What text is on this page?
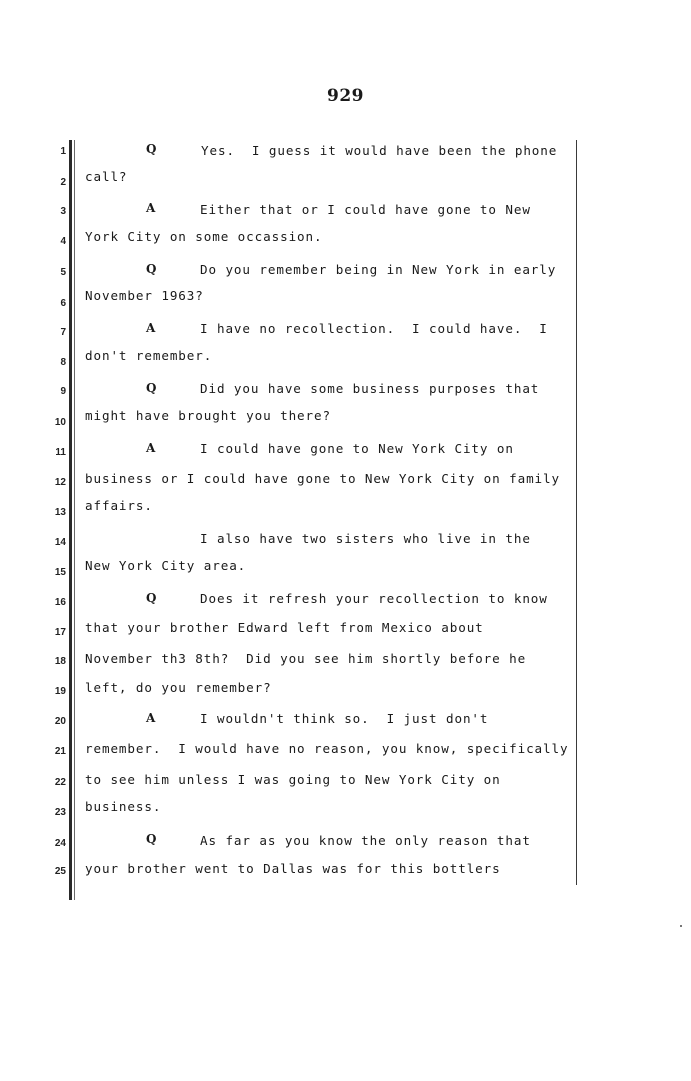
929
1
2
3
4
5
6
7
8
9
10
11
12
13
14
15
16
17
18
19
20
21
22
23
24
25
Q
A
Q
A
Q
A
Q
A
Q
Yes.  I guess it would have been the phone
call?
Either that or I could have gone to New
York City on some occassion.
Do you remember being in New York in early
November 1963?
I have no recollection.  I could have.  I
don't remember.
Did you have some business purposes that
might have brought you there?
I could have gone to New York City on
business or I could have gone to New York City on family
affairs.
I also have two sisters who live in the
New York City area.
Does it refresh your recollection to know
that your brother Edward left from Mexico about
November th3 8th?  Did you see him shortly before he
left, do you remember?
I wouldn't think so.  I just don't
remember.  I would have no reason, you know, specifically
to see him unless I was going to New York City on
business.
As far as you know the only reason that
your brother went to Dallas was for this bottlers
